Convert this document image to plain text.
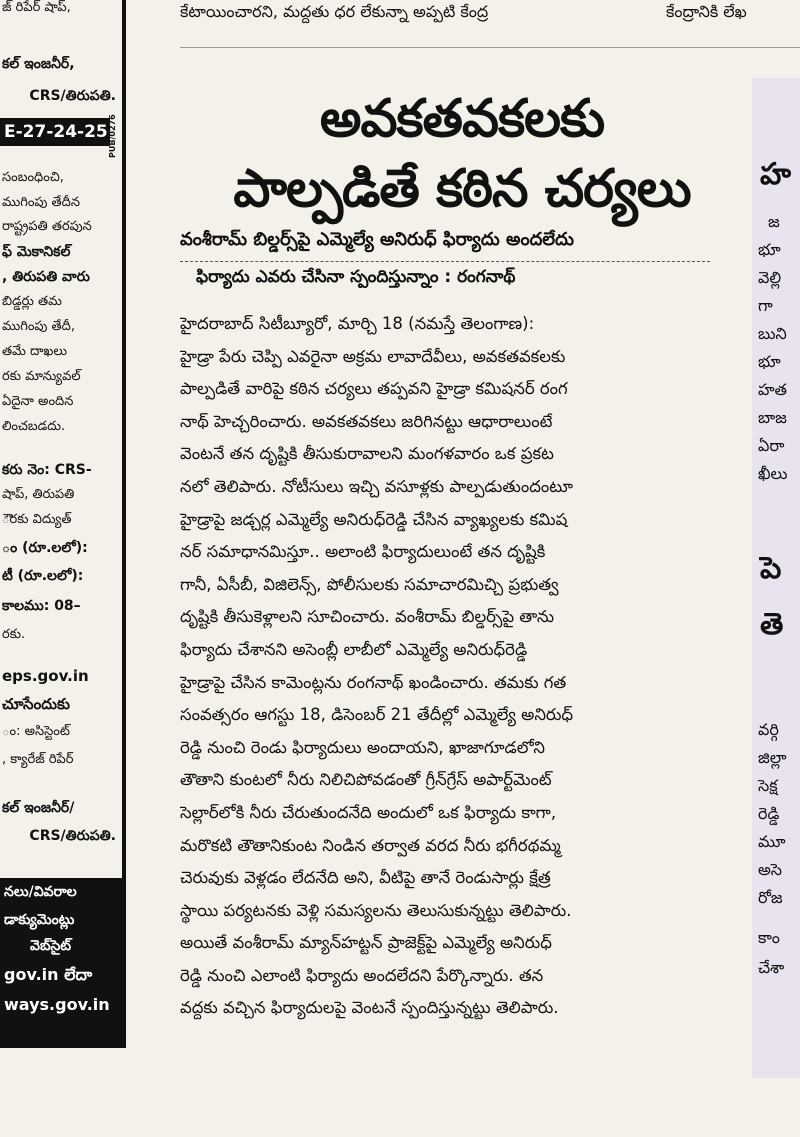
జ్ రిపేర్ షాప్,
కల్ ఇంజనీర్,
CRS/తిరుపతి.
E-27-24-25 PUB/0276
సంబంధించి,
ముగింపు తేదీన
రాష్ట్రపతి తరపున
ఫ్ మెకానికల్
, తిరుపతి వారు
బిడ్డర్లు తమ
ముగింపు తేదీ,
తమే దాఖలు
రకు మాన్యువల్
ఏదైనా అందిన
లించబడదు.
కరు నెం: CRS-
షాప్, తిరుపతి
ౌరకు విద్యుత్
ం (రూ.లలో):
టీ (రూ.లలో):
కాలము: 08–
రకు.
eps.gov.in
చూసేందుకు
ం: అసిస్టెంట్
, క్యారేజ్ రిపేర్
కల్ ఇంజనీర్/
CRS/తిరుపతి.
నలు/వివరాల
డాక్యుమెంట్లు
వెబ్‌సైట్
gov.in లేదా
ways.gov.in
కేటాయించారని, మద్దతు ధర లేకున్నా అప్పటి కేంద్ర	కేంద్రానికి లేఖ
అవకతవకలకు
పాల్పడితే కఠిన చర్యలు
వంశీరామ్ బిల్డర్స్‌పై ఎమ్మెల్యే అనిరుధ్ ఫిర్యాదు అందలేదు
ఫిర్యాదు ఎవరు చేసినా స్పందిస్తున్నాం : రంగనాథ్
హైదరాబాద్ సిటీబ్యూరో, మార్చి 18 (నమస్తే తెలంగాణ):
హైడ్రా పేరు చెప్పి ఎవరైనా అక్రమ లావాదేవీలు, అవకతవకలకు
పాల్పడితే వారిపై కఠిన చర్యలు తప్పవని హైడ్రా కమిషనర్ రంగ
నాథ్ హెచ్చరించారు. అవకతవకలు జరిగినట్టు ఆధారాలుంటే
వెంటనే తన దృష్టికి తీసుకురావాలని మంగళవారం ఒక ప్రకట
నలో తెలిపారు. నోటీసులు ఇచ్చి వసూళ్లకు పాల్పడుతుందంటూ
హైడ్రాపై జడ్చర్ల ఎమ్మెల్యే అనిరుధ్‌రెడ్డి చేసిన వ్యాఖ్యలకు కమిష
నర్ సమాధానమిస్తూ.. అలాంటి ఫిర్యాదులుంటే తన దృష్టికి
గానీ, ఏసీబీ, విజిలెన్స్, పోలీసులకు సమాచారమిచ్చి ప్రభుత్వ
దృష్టికి తీసుకెళ్లాలని సూచించారు. వంశీరామ్ బిల్డర్స్‌పై తాను
ఫిర్యాదు చేశానని అసెంబ్లీ లాబీలో ఎమ్మెల్యే అనిరుధ్‌రెడ్డి
హైడ్రాపై చేసిన కామెంట్లను రంగనాథ్ ఖండించారు. తమకు గత
సంవత్సరం ఆగస్టు 18, డిసెంబర్ 21 తేదీల్లో ఎమ్మెల్యే అనిరుధ్
రెడ్డి నుంచి రెండు ఫిర్యాదులు అందాయని, ఖాజాగూడలోని
తౌతాని కుంటలో నీరు నిలిచిపోవడంతో గ్రీన్‌గ్రేస్ అపార్ట్‌మెంట్
సెల్లార్‌లోకి నీరు చేరుతుందనేది అందులో ఒక ఫిర్యాదు కాగా,
మరొకటి తౌతానికుంట నిండిన తర్వాత వరద నీరు భగీరథమ్మ
చెరువుకు వెళ్లడం లేదనేది అని, వీటిపై తానే రెండుసార్లు క్షేత్ర
స్థాయి పర్యటనకు వెళ్లి సమస్యలను తెలుసుకున్నట్టు తెలిపారు.
అయితే వంశీరామ్ మ్యాన్‌హట్టన్ ప్రాజెక్ట్‌పై ఎమ్మెల్యే అనిరుధ్
రెడ్డి నుంచి ఎలాంటి ఫిర్యాదు అందలేదని పేర్కొన్నారు. తన
వద్దకు వచ్చిన ఫిర్యాదులపై వెంటనే స్పందిస్తున్నట్టు తెలిపారు.
హ
జ
భూ
వెల్లి
గా
బుని
భూ
హత
బాజ
ఏరా
ఖీలు
పె
తె
వర్గి
జిల్లా
సెక్ష
రెడ్డి
మూ
అసె
రోజ
కాం
చేశా
